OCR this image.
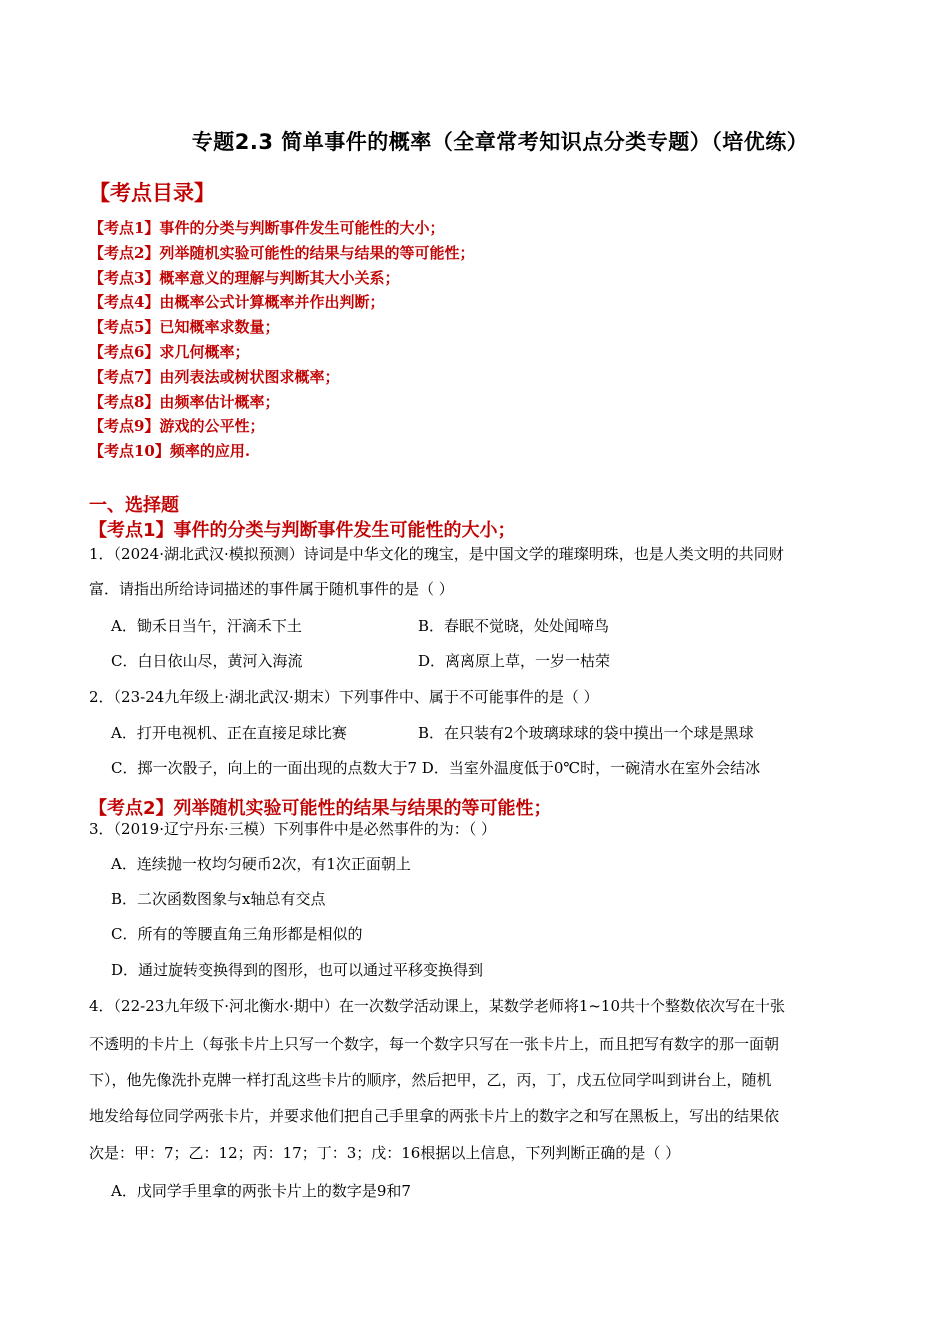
专题2.3 简单事件的概率（全章常考知识点分类专题）（培优练）
【考点目录】
【考点1】事件的分类与判断事件发生可能性的大小；
【考点2】列举随机实验可能性的结果与结果的等可能性；
【考点3】概率意义的理解与判断其大小关系；
【考点4】由概率公式计算概率并作出判断；
【考点5】已知概率求数量；
【考点6】求几何概率；
【考点7】由列表法或树状图求概率；
【考点8】由频率估计概率；
【考点9】游戏的公平性；
【考点10】频率的应用.
一、选择题
【考点1】事件的分类与判断事件发生可能性的大小；
1．（2024·湖北武汉·模拟预测）诗词是中华文化的瑰宝，是中国文学的璀璨明珠，也是人类文明的共同财
富．请指出所给诗词描述的事件属于随机事件的是（ ）
A．锄禾日当午，汗滴禾下土	B．春眠不觉晓，处处闻啼鸟
C．白日依山尽，黄河入海流	D．离离原上草，一岁一枯荣
2．（23-24九年级上·湖北武汉·期末）下列事件中、属于不可能事件的是（ ）
A．打开电视机、正在直接足球比赛	B．在只装有2个玻璃球球的袋中摸出一个球是黑球
C．掷一次骰子，向上的一面出现的点数大于7 D．当室外温度低于0℃时，一碗清水在室外会结冰
【考点2】列举随机实验可能性的结果与结果的等可能性；
3．（2019·辽宁丹东·三模）下列事件中是必然事件的为：（ ）
A．连续抛一枚均匀硬币2次，有1次正面朝上
B．二次函数图象与x轴总有交点
C．所有的等腰直角三角形都是相似的
D．通过旋转变换得到的图形，也可以通过平移变换得到
4．（22-23九年级下·河北衡水·期中）在一次数学活动课上，某数学老师将1~10共十个整数依次写在十张
不透明的卡片上（每张卡片上只写一个数字，每一个数字只写在一张卡片上，而且把写有数字的那一面朝
下），他先像洗扑克牌一样打乱这些卡片的顺序，然后把甲，乙，丙，丁，戊五位同学叫到讲台上，随机
地发给每位同学两张卡片，并要求他们把自己手里拿的两张卡片上的数字之和写在黑板上，写出的结果依
次是：甲：7；乙：12；丙：17；丁：3；戊：16根据以上信息，下列判断正确的是（ ）
A．戊同学手里拿的两张卡片上的数字是9和7
